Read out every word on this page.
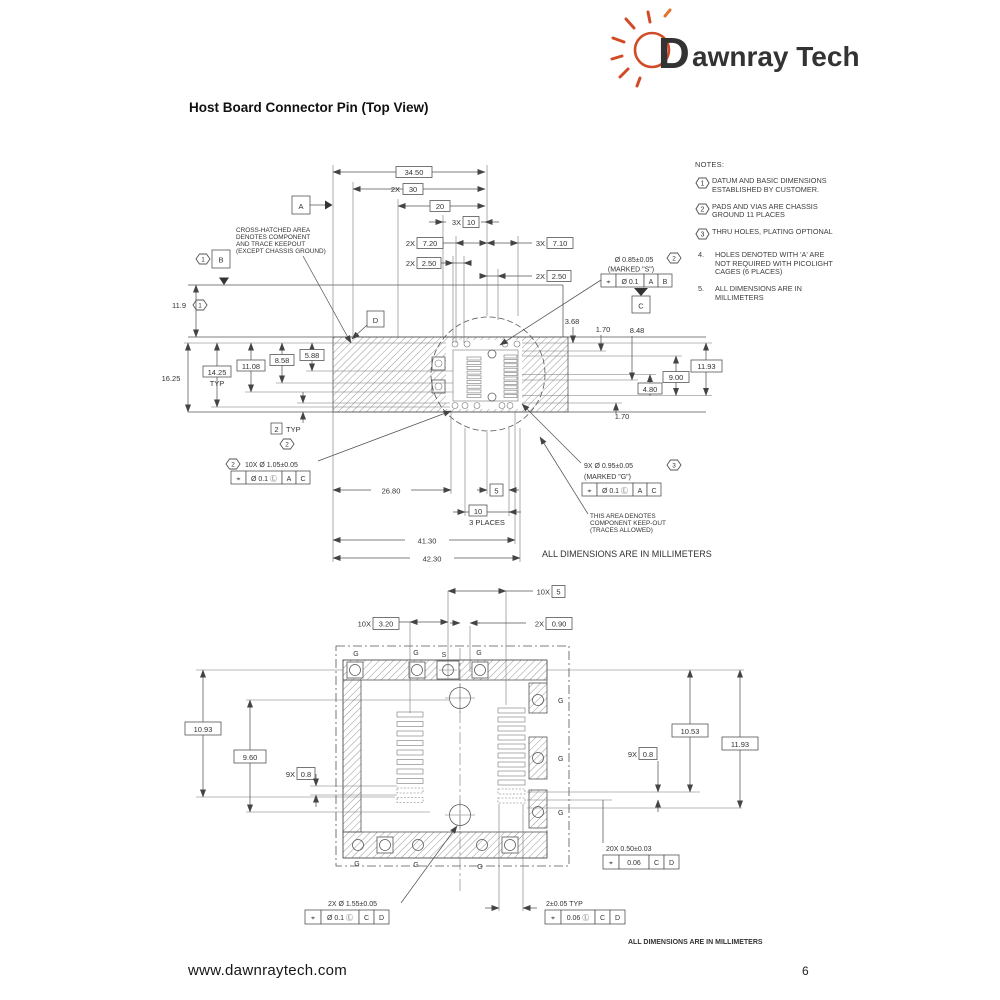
34.50
2X 30
20
3X 10
2X 7.20	3X 7.10
2X 2.50
2X 2.50
A
1 B
11.9 1
CROSS-HATCHED AREA
DENOTES COMPONENT
AND TRACE KEEPOUT
(EXCEPT CHASSIS GROUND)
D
16.25
14.25
TYP
11.08
8.58
5.88
2 TYP
2
3.68
1.70	8.48
11.93
9.00
4.80
1.70
Ø 0.85±0.05	2
(MARKED "S")
⌖ Ø 0.1 A B
C
2 10X Ø 1.05±0.05
⌖ Ø 0.1 Ⓛ A C
9X Ø 0.95±0.05	3
(MARKED "G")
⌖ Ø 0.1 Ⓛ A C
THIS AREA DENOTES
COMPONENT KEEP-OUT
(TRACES ALLOWED)
26.80	5
10
3 PLACES
41.30
42.30	ALL DIMENSIONS ARE IN MILLIMETERS
G	G	S	G
G
G
G
G	G	G
10X 5
10X 3.20	2X 0.90
10.93
9.60
9X 0.8
10.53
11.93
9X 0.8
20X 0.50±0.03
⌖ 0.06 C D
2X Ø 1.55±0.05
⌖ Ø 0.1 Ⓛ C D
2±0.05 TYP
⌖ 0.06 Ⓛ C D
ALL DIMENSIONS ARE IN MILLIMETERS
D awnray Tech
Host Board Connector Pin (Top View)
NOTES:
1 DATUM AND BASIC DIMENSIONS
ESTABLISHED BY CUSTOMER.
2 PADS AND VIAS ARE CHASSIS
GROUND 11 PLACES
3 THRU HOLES, PLATING OPTIONAL
4.	HOLES DENOTED WITH 'A' ARE
NOT REQUIRED WITH PICOLIGHT
CAGES (6 PLACES)
5.	ALL DIMENSIONS ARE IN
MILLIMETERS
www.dawnraytech.com	6
